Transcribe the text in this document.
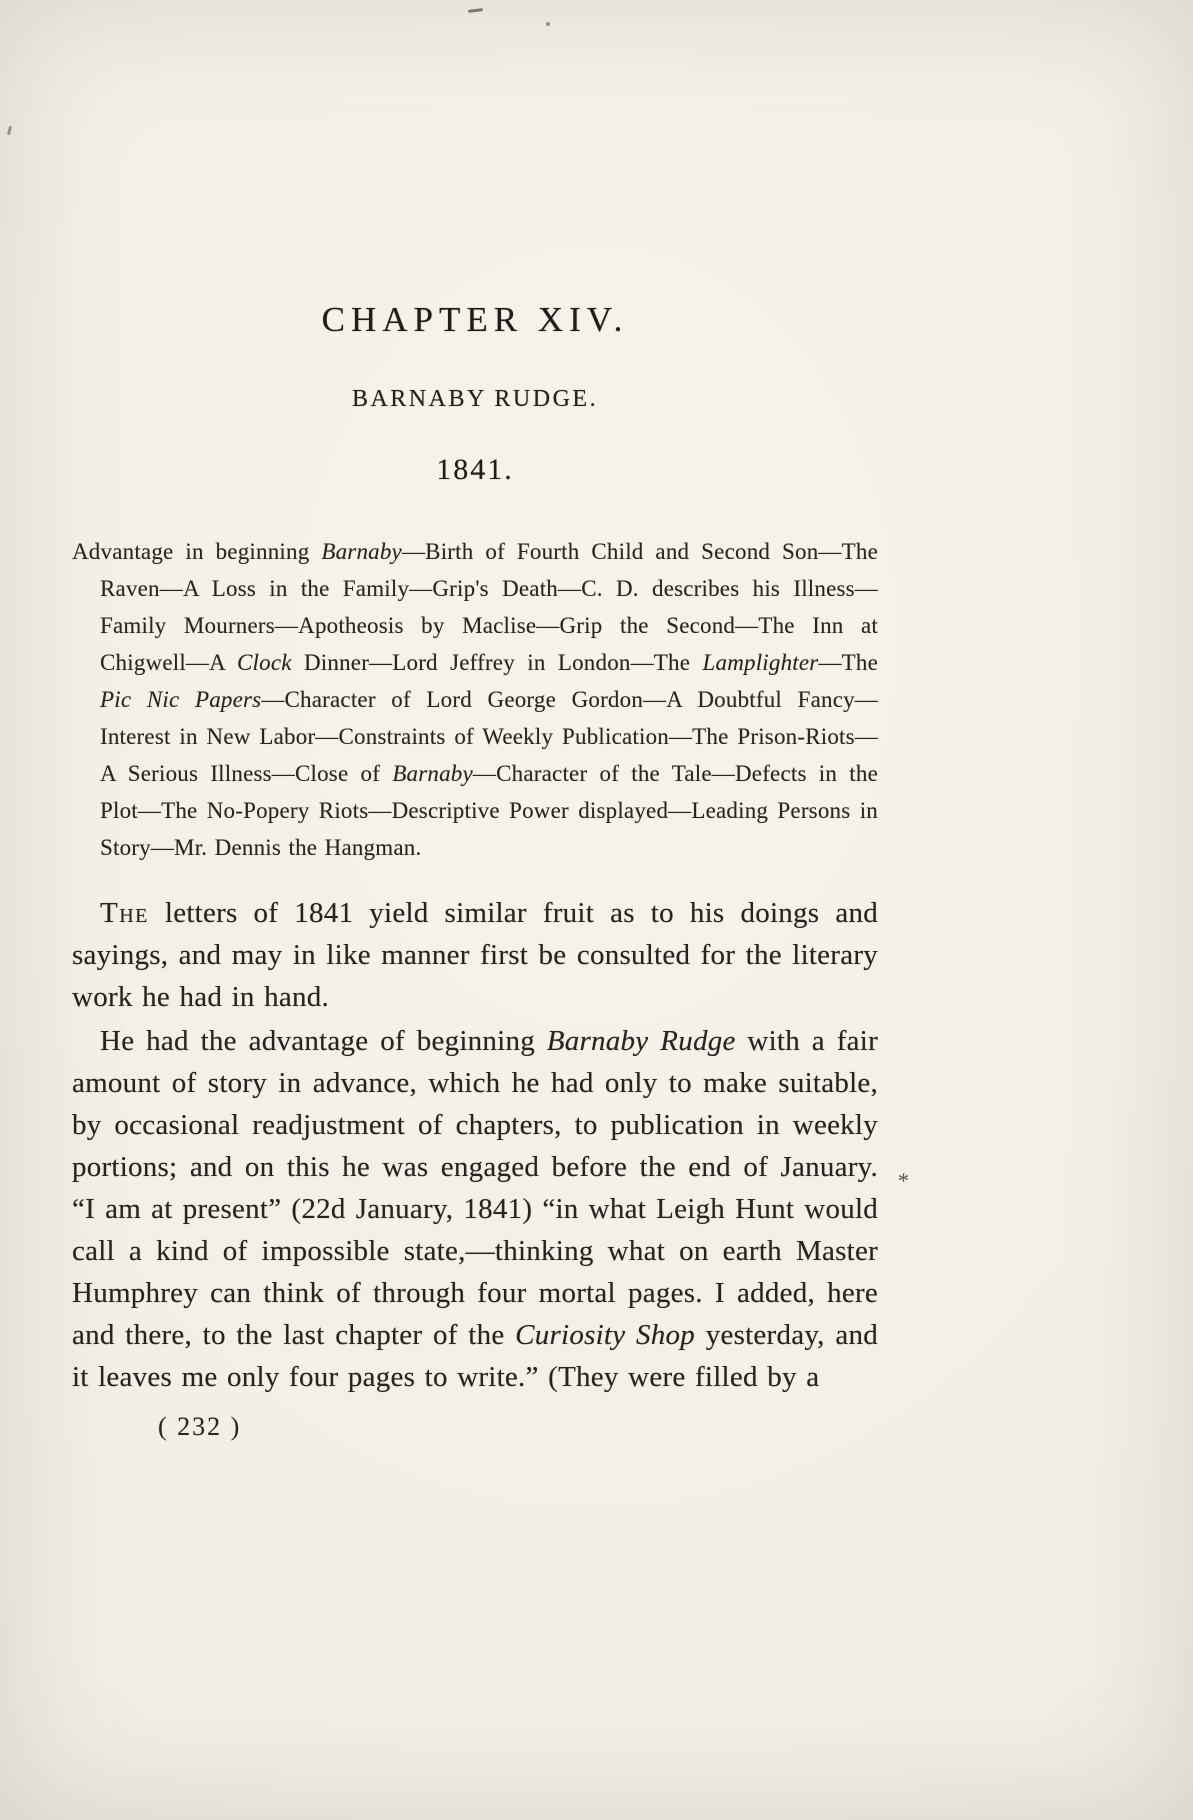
CHAPTER XIV.
BARNABY RUDGE.
1841.

Advantage in beginning Barnaby—Birth of Fourth Child and Second Son—The Raven—A Loss in the Family—Grip's Death—C. D. describes his Illness—Family Mourners—Apotheosis by Maclise—Grip the Second—The Inn at Chigwell—A Clock Dinner—Lord Jeffrey in London—The Lamplighter—The Pic Nic Papers—Character of Lord George Gordon—A Doubtful Fancy—Interest in New Labor—Constraints of Weekly Publication—The Prison-Riots—A Serious Illness—Close of Barnaby—Character of the Tale—Defects in the Plot—The No-Popery Riots—Descriptive Power displayed—Leading Persons in Story—Mr. Dennis the Hangman.

The letters of 1841 yield similar fruit as to his doings and sayings, and may in like manner first be consulted for the literary work he had in hand.

He had the advantage of beginning Barnaby Rudge with a fair amount of story in advance, which he had only to make suitable, by occasional readjustment of chapters, to publication in weekly portions; and on this he was engaged before the end of January. “I am at present” (22d January, 1841) “in what Leigh Hunt would call a kind of impossible state,—thinking what on earth Master Humphrey can think of through four mortal pages. I added, here and there, to the last chapter of the Curiosity Shop yesterday, and it leaves me only four pages to write.” (They were filled by a

( 232 )
*
